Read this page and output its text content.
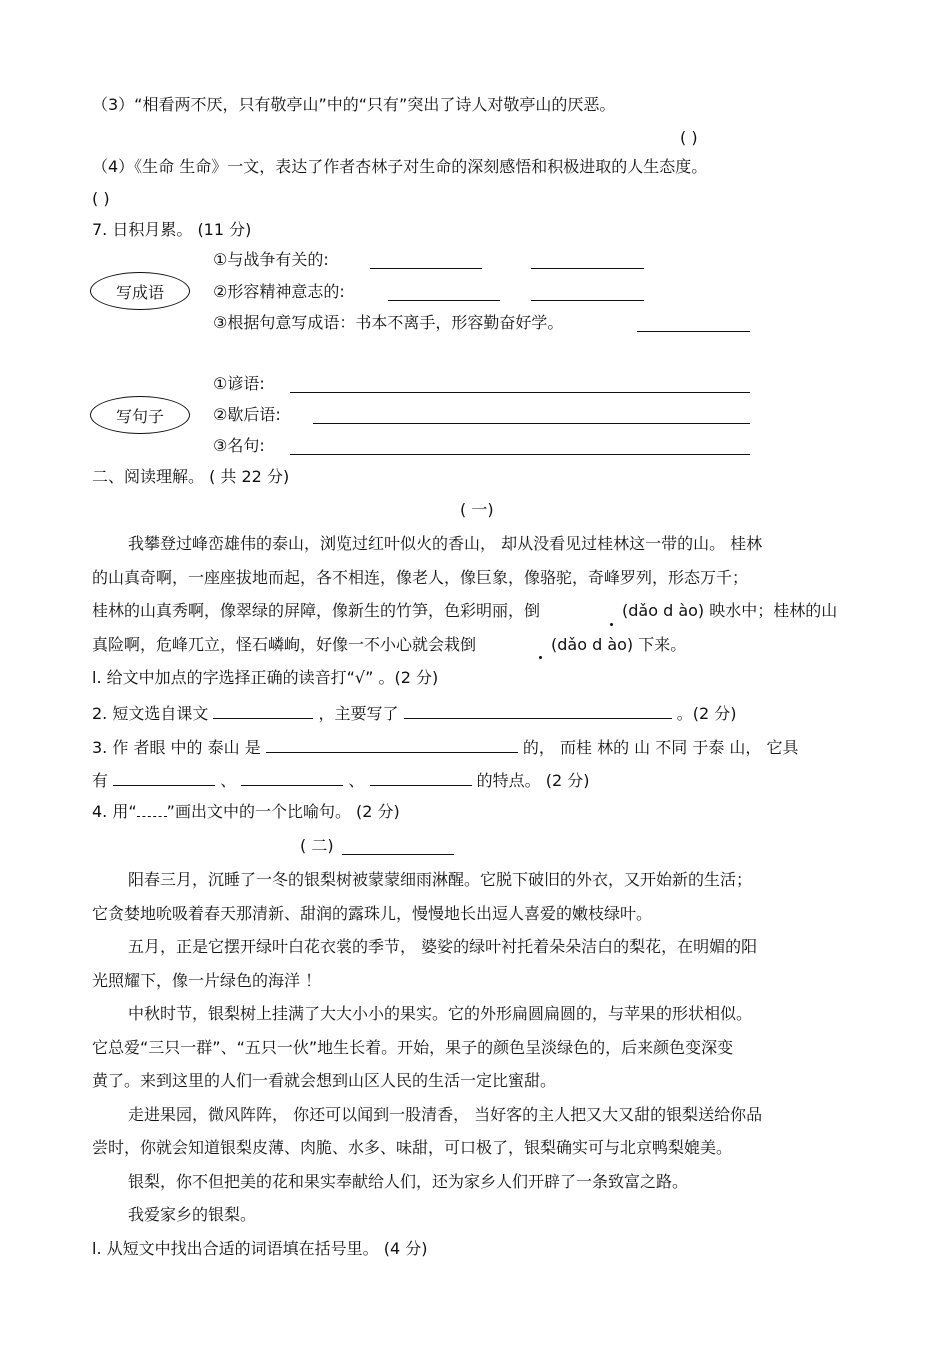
（3）“相看两不厌，只有敬亭山”中的“只有”突出了诗人对敬亭山的厌恶。
( )
（4）《生命 生命》一文，表达了作者杏林子对生命的深刻感悟和积极进取的人生态度。
( )
7. 日积月累。 (11 分)
写成语
①与战争有关的:
②形容精神意志的:
③根据句意写成语：书本不离手，形容勤奋好学。
写句子
①谚语:
②歇后语:
③名句:
二、阅读理解。 ( 共 22 分)
( 一)
我攀登过峰峦雄伟的泰山，浏览过红叶似火的香山， 却从没看见过桂林这一带的山。 桂林
的山真奇啊，一座座拔地而起，各不相连，像老人，像巨象，像骆驼，奇峰罗列，形态万千；
桂林的山真秀啊，像翠绿的屏障，像新生的竹笋，色彩明丽，倒	(dǎo d ào) 映水中；桂林的山
真险啊，危峰兀立，怪石嶙峋，好像一不小心就会栽倒	(dǎo d ào) 下来。
l. 给文中加点的字选择正确的读音打“√” 。(2 分)
2. 短文选自课文	，主要写了	。(2 分)
3. 作 者眼 中的 泰山 是	的， 而桂 林的 山 不同 于泰 山， 它具
有	、	、	的特点。 (2 分)
4. 用“ ”画出文中的一个比喻句。 (2 分)
( 二)
阳春三月，沉睡了一冬的银梨树被蒙蒙细雨淋醒。它脱下破旧的外衣，又开始新的生活；
它贪婪地吮吸着春天那清新、甜润的露珠儿，慢慢地长出逗人喜爱的嫩枝绿叶。
五月，正是它摆开绿叶白花衣裳的季节， 婆娑的绿叶衬托着朵朵洁白的梨花，在明媚的阳
光照耀下，像一片绿色的海洋 ！
中秋时节，银梨树上挂满了大大小小的果实。它的外形扁圆扁圆的，与苹果的形状相似。
它总爱“三只一群”、“五只一伙”地生长着。开始，果子的颜色呈淡绿色的，后来颜色变深变
黄了。来到这里的人们一看就会想到山区人民的生活一定比蜜甜。
走进果园，微风阵阵， 你还可以闻到一股清香， 当好客的主人把又大又甜的银梨送给你品
尝时，你就会知道银梨皮薄、肉脆、水多、味甜，可口极了，银梨确实可与北京鸭梨媲美。
银梨，你不但把美的花和果实奉献给人们，还为家乡人们开辟了一条致富之路。
我爱家乡的银梨。
l. 从短文中找出合适的词语填在括号里。 (4 分)
